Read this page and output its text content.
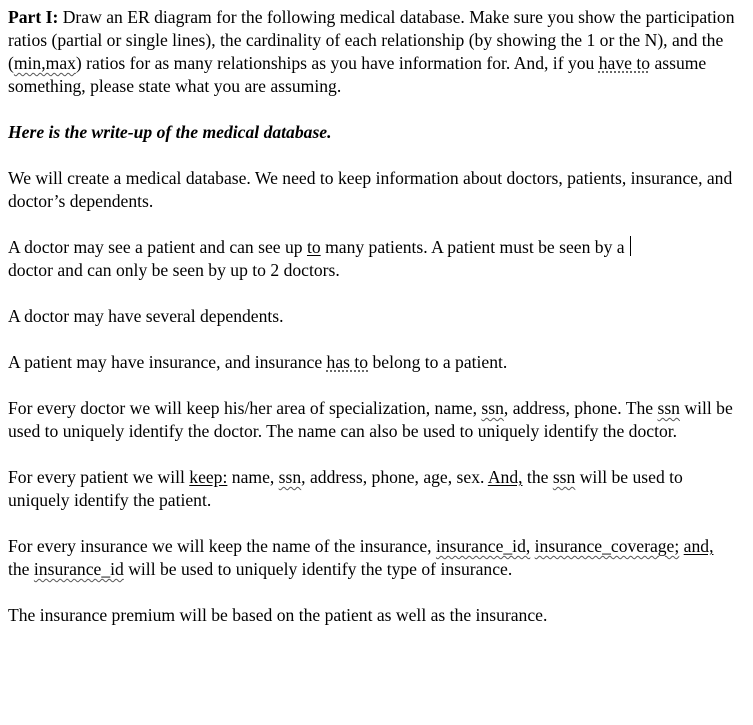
Part I: Draw an ER diagram for the following medical database. Make sure you show the participation ratios (partial or single lines), the cardinality of each relationship (by showing the 1 or the N), and the (min,max) ratios for as many relationships as you have information for. And, if you have to assume something, please state what you are assuming.

Here is the write-up of the medical database.

We will create a medical database. We need to keep information about doctors, patients, insurance, and doctor’s dependents.

A doctor may see a patient and can see up to many patients. A patient must be seen by a
doctor and can only be seen by up to 2 doctors.

A doctor may have several dependents.

A patient may have insurance, and insurance has to belong to a patient.

For every doctor we will keep his/her area of specialization, name, ssn, address, phone. The ssn will be used to uniquely identify the doctor. The name can also be used to uniquely identify the doctor.

For every patient we will keep: name, ssn, address, phone, age, sex. And, the ssn will be used to uniquely identify the patient.

For every insurance we will keep the name of the insurance, insurance_id, insurance_coverage; and, the insurance_id will be used to uniquely identify the type of insurance.

The insurance premium will be based on the patient as well as the insurance.
